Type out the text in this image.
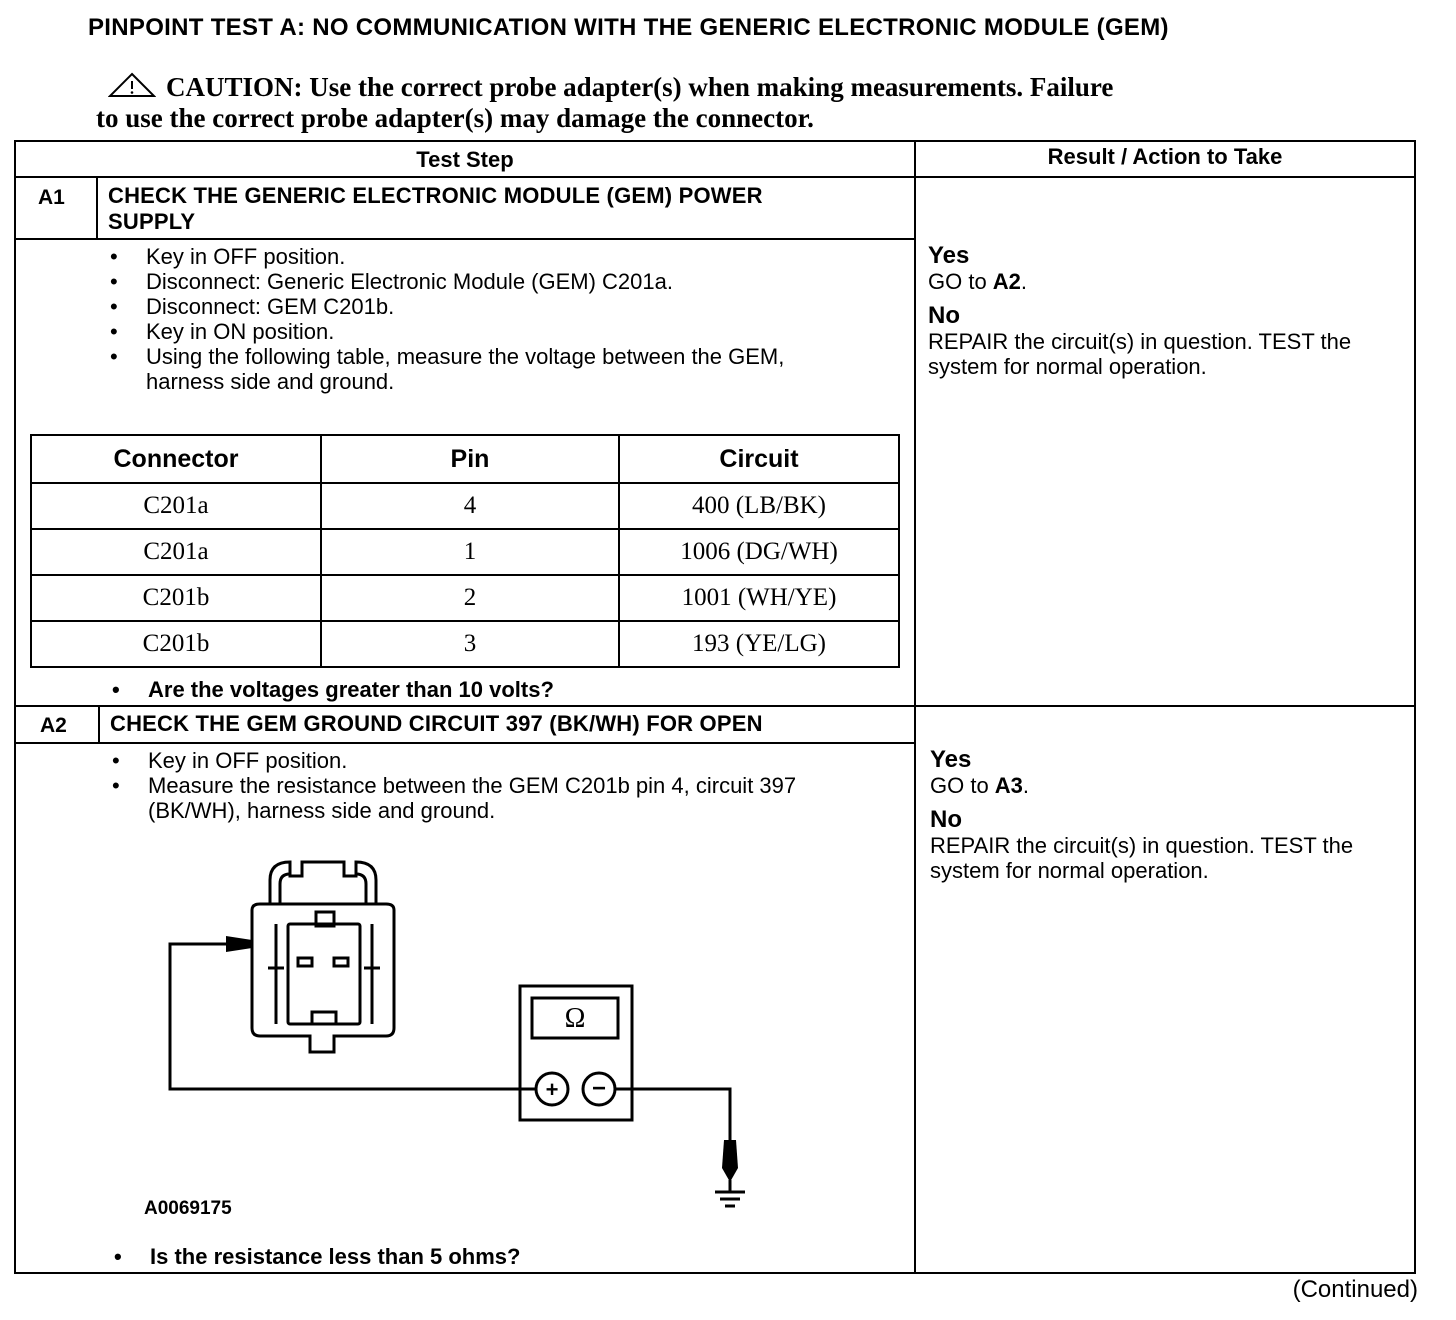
PINPOINT TEST A: NO COMMUNICATION WITH THE GENERIC ELECTRONIC MODULE (GEM)
CAUTION: Use the correct probe adapter(s) when making measurements. Failure
to use the correct probe adapter(s) may damage the connector.
Test Step	Result / Action to Take
A1 CHECK THE GENERIC ELECTRONIC MODULE (GEM) POWER
SUPPLY
• Key in OFF position.
• Disconnect: Generic Electronic Module (GEM) C201a.
• Disconnect: GEM C201b.
• Key in ON position.
• Using the following table, measure the voltage between the GEM, harness side and ground.
Connector	Pin	Circuit
C201a	4	400 (LB/BK)
C201a	1	1006 (DG/WH)
C201b	2	1001 (WH/YE)
C201b	3	193 (YE/LG)
• Are the voltages greater than 10 volts?
Yes
GO to A2.
No
REPAIR the circuit(s) in question. TEST the system for normal operation.
A2 CHECK THE GEM GROUND CIRCUIT 397 (BK/WH) FOR OPEN
• Key in OFF position.
• Measure the resistance between the GEM C201b pin 4, circuit 397 (BK/WH), harness side and ground.
+ −
Ω
A0069175
• Is the resistance less than 5 ohms?
Yes
GO to A3.
No
REPAIR the circuit(s) in question. TEST the system for normal operation.
(Continued)
